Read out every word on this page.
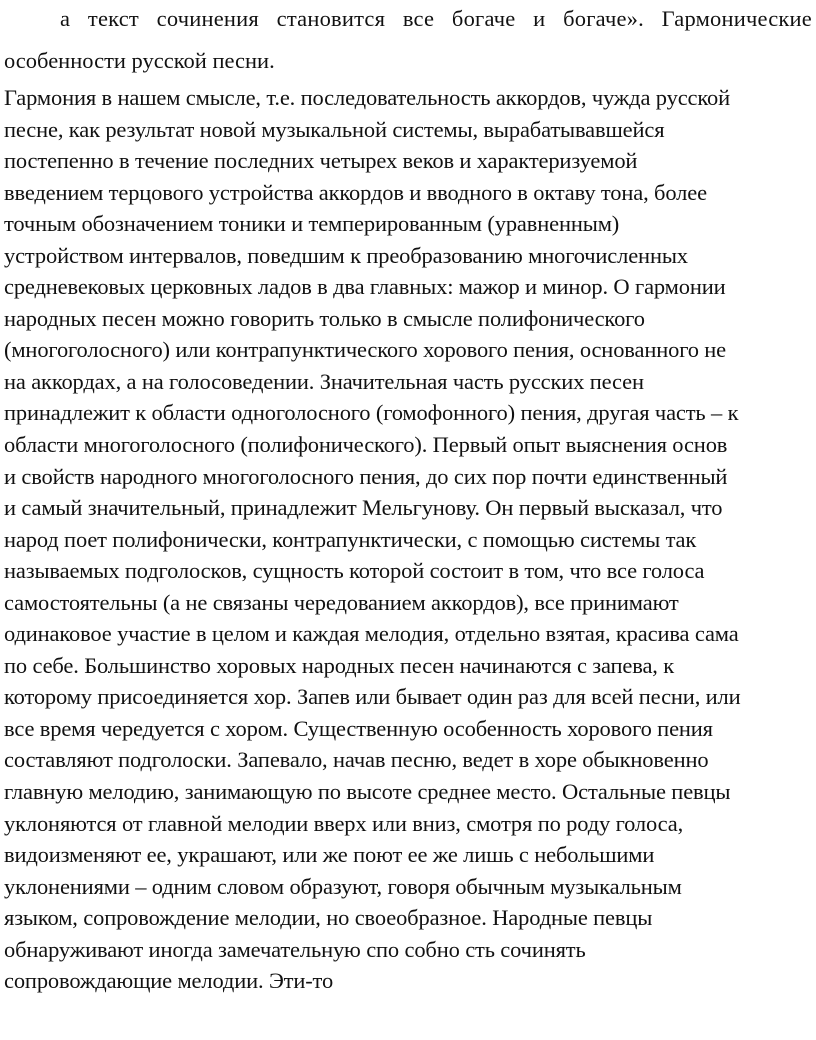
а текст сочинения становится все богаче и богаче». Гармонические
особенности русской песни.
Гармония в нашем смысле, т.е. последовательность аккордов, чужда русской
песне, как результат новой музыкальной системы, вырабатывавшейся
постепенно в течение последних четырех веков и характеризуемой
введением терцового устройства аккордов и вводного в октаву тона, более
точным обозначением тоники и темперированным (уравненным)
устройством интервалов, поведшим к преобразованию многочисленных
средневековых церковных ладов в два главных: мажор и минор. О гармонии
народных песен можно говорить только в смысле полифонического
(многоголосного) или контрапунктического хорового пения, основанного не
на аккордах, а на голосоведении. Значительная часть русских песен
принадлежит к области одноголосного (гомофонного) пения, другая часть – к
области многоголосного (полифонического). Первый опыт выяснения основ
и свойств народного многоголосного пения, до сих пор почти единственный
и самый значительный, принадлежит Мельгунову. Он первый высказал, что
народ поет полифонически, контрапунктически, с помощью системы так
называемых подголосков, сущность которой состоит в том, что все голоса
самостоятельны (а не связаны чередованием аккордов), все принимают
одинаковое участие в целом и каждая мелодия, отдельно взятая, красива сама
по себе. Большинство хоровых народных песен начинаются с запева, к
которому присоединяется хор. Запев или бывает один раз для всей песни, или
все время чередуется с хором. Существенную особенность хорового пения
составляют подголоски. Запевало, начав песню, ведет в хоре обыкновенно
главную мелодию, занимающую по высоте среднее место. Остальные певцы
уклоняются от главной мелодии вверх или вниз, смотря по роду голоса,
видоизменяют ее, украшают, или же поют ее же лишь с небольшими
уклонениями – одним словом образуют, говоря обычным музыкальным
языком, сопровождение мелодии, но своеобразное. Народные певцы
обнаруживают иногда замечательную спо собно сть сочинять
сопровождающие мелодии. Эти-то
